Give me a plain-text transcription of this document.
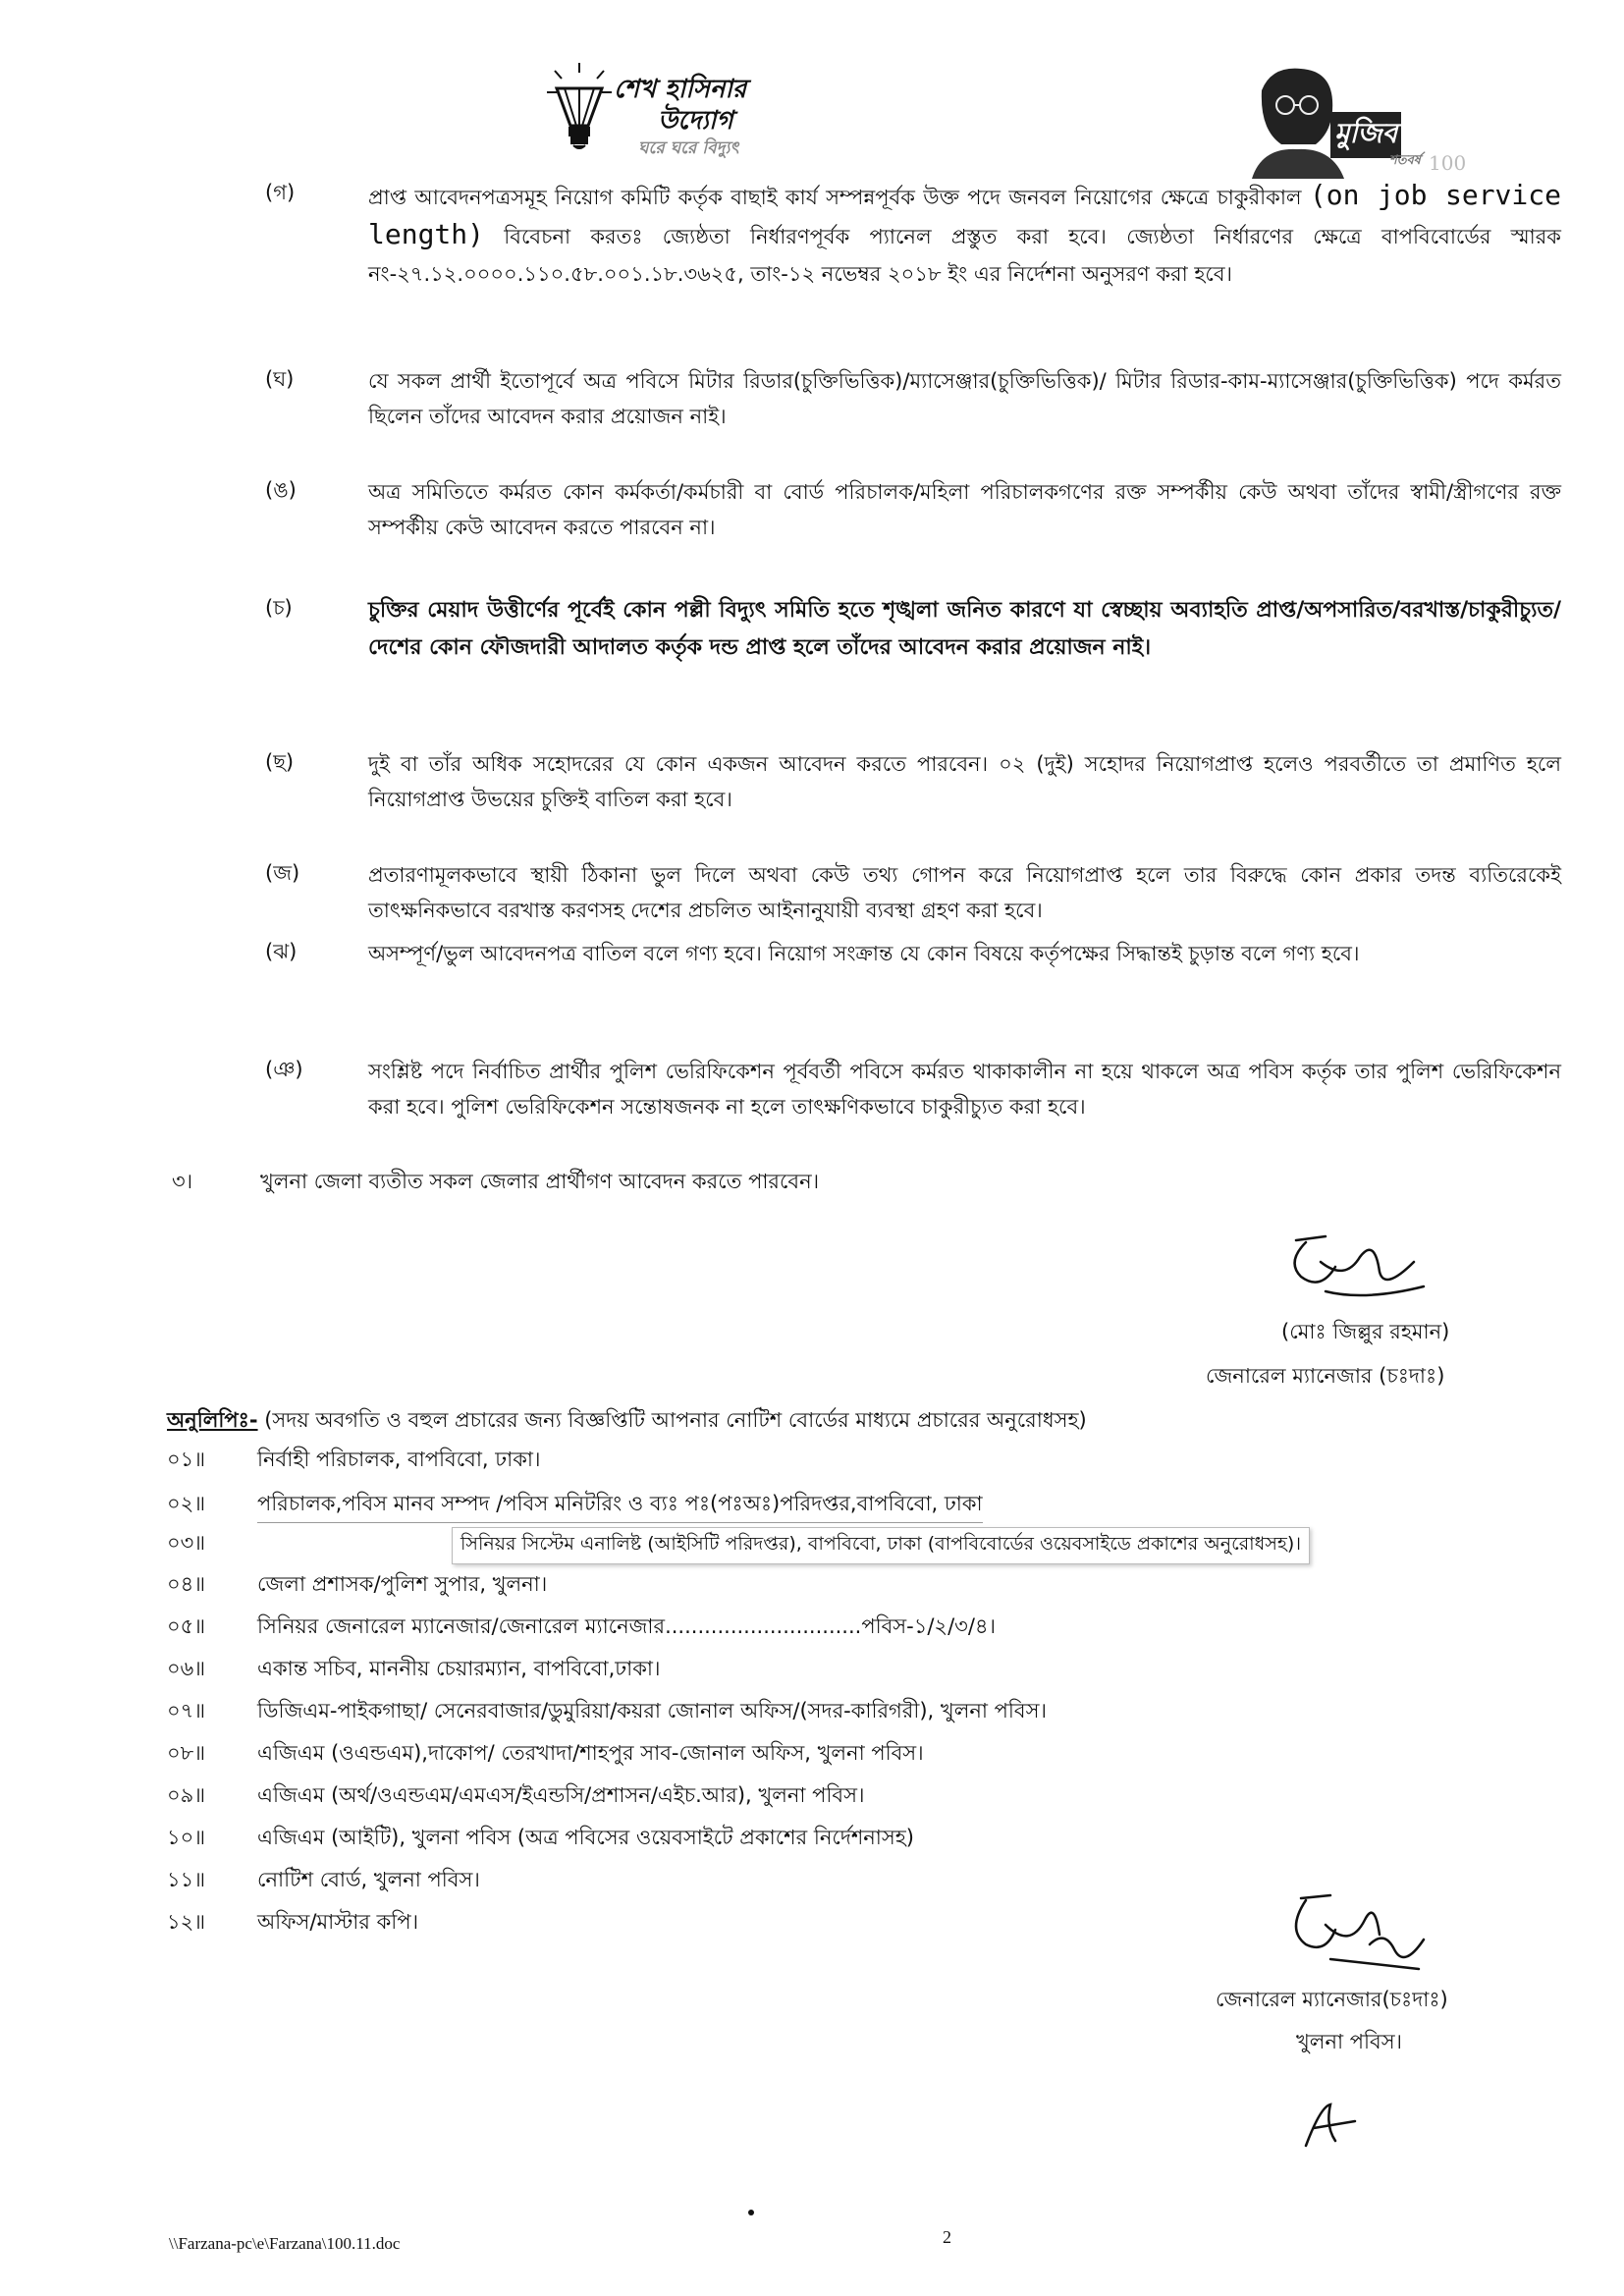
শেখ হাসিনার
উদ্যোগ
ঘরে ঘরে বিদ্যুৎ	মুজিব
শতবর্ষ 100
(গ)	প্রাপ্ত আবেদনপত্রসমূহ নিয়োগ কমিটি কর্তৃক বাছাই কার্য সম্পন্নপূর্বক উক্ত পদে জনবল নিয়োগের ক্ষেত্রে চাকুরীকাল (on job service length) বিবেচনা করতঃ জ্যেষ্ঠতা নির্ধারণপূর্বক প্যানেল প্রস্তুত করা হবে। জ্যেষ্ঠতা নির্ধারণের ক্ষেত্রে বাপবিবোর্ডের স্মারক নং-২৭.১২.০০০০.১১০.৫৮.০০১.১৮.৩৬২৫, তাং-১২ নভেম্বর ২০১৮ ইং এর নির্দেশনা অনুসরণ করা হবে।
(ঘ)	যে সকল প্রার্থী ইতোপূর্বে অত্র পবিসে মিটার রিডার(চুক্তিভিত্তিক)/ম্যাসেঞ্জার(চুক্তিভিত্তিক)/ মিটার রিডার-কাম-ম্যাসেঞ্জার(চুক্তিভিত্তিক) পদে কর্মরত ছিলেন তাঁদের আবেদন করার প্রয়োজন নাই।
(ঙ)	অত্র সমিতিতে কর্মরত কোন কর্মকর্তা/কর্মচারী বা বোর্ড পরিচালক/মহিলা পরিচালকগণের রক্ত সম্পর্কীয় কেউ অথবা তাঁদের স্বামী/স্ত্রীগণের রক্ত সম্পর্কীয় কেউ আবেদন করতে পারবেন না।
(চ)	চুক্তির মেয়াদ উত্তীর্ণের পূর্বেই কোন পল্লী বিদ্যুৎ সমিতি হতে শৃঙ্খলা জনিত কারণে যা স্বেচ্ছায় অব্যাহতি প্রাপ্ত/অপসারিত/বরখাস্ত/চাকুরীচ্যুত/দেশের কোন ফৌজদারী আদালত কর্তৃক দন্ড প্রাপ্ত হলে তাঁদের আবেদন করার প্রয়োজন নাই।
(ছ)	দুই বা তাঁর অধিক সহোদরের যে কোন একজন আবেদন করতে পারবেন। ০২ (দুই) সহোদর নিয়োগপ্রাপ্ত হলেও পরবর্তীতে তা প্রমাণিত হলে নিয়োগপ্রাপ্ত উভয়ের চুক্তিই বাতিল করা হবে।
(জ)	প্রতারণামূলকভাবে স্থায়ী ঠিকানা ভুল দিলে অথবা কেউ তথ্য গোপন করে নিয়োগপ্রাপ্ত হলে তার বিরুদ্ধে কোন প্রকার তদন্ত ব্যতিরেকেই তাৎক্ষনিকভাবে বরখাস্ত করণসহ দেশের প্রচলিত আইনানুযায়ী ব্যবস্থা গ্রহণ করা হবে।
(ঝ)	অসম্পূর্ণ/ভুল আবেদনপত্র বাতিল বলে গণ্য হবে। নিয়োগ সংক্রান্ত যে কোন বিষয়ে কর্তৃপক্ষের সিদ্ধান্তই চুড়ান্ত বলে গণ্য হবে।
(ঞ)	সংশ্লিষ্ট পদে নির্বাচিত প্রার্থীর পুলিশ ভেরিফিকেশন পূর্ববর্তী পবিসে কর্মরত থাকাকালীন না হয়ে থাকলে অত্র পবিস কর্তৃক তার পুলিশ ভেরিফিকেশন করা হবে। পুলিশ ভেরিফিকেশন সন্তোষজনক না হলে তাৎক্ষণিকভাবে চাকুরীচ্যুত করা হবে।
৩।	খুলনা জেলা ব্যতীত সকল জেলার প্রার্থীগণ আবেদন করতে পারবেন।
(মোঃ জিল্লুর রহমান)
জেনারেল ম্যানেজার (চঃদাঃ)
অনুলিপিঃ- (সদয় অবগতি ও বহুল প্রচারের জন্য বিজ্ঞপ্তিটি আপনার নোটিশ বোর্ডের মাধ্যমে প্রচারের অনুরোধসহ)
০১॥	নির্বাহী পরিচালক, বাপবিবো, ঢাকা।
০২॥	পরিচালক,পবিস মানব সম্পদ /পবিস মনিটরিং ও ব্যঃ পঃ(পঃঅঃ)পরিদপ্তর,বাপবিবো, ঢাকা
০৩॥	সিনিয়র সিস্টেম এনালিষ্ট (আইসিটি পরিদপ্তর), বাপবিবো, ঢাকা (বাপবিবোর্ডের ওয়েবসাইডে প্রকাশের অনুরোধসহ)।
০৪॥	জেলা প্রশাসক/পুলিশ সুপার, খুলনা।
০৫॥	সিনিয়র জেনারেল ম্যানেজার/জেনারেল ম্যানেজার..............................পবিস-১/২/৩/৪।
০৬॥	একান্ত সচিব, মাননীয় চেয়ারম্যান, বাপবিবো,ঢাকা।
০৭॥	ডিজিএম-পাইকগাছা/ সেনেরবাজার/ডুমুরিয়া/কয়রা জোনাল অফিস/(সদর-কারিগরী), খুলনা পবিস।
০৮॥	এজিএম (ওএন্ডএম),দাকোপ/ তেরখাদা/শাহপুর সাব-জোনাল অফিস, খুলনা পবিস।
০৯॥	এজিএম (অর্থ/ওএন্ডএম/এমএস/ইএন্ডসি/প্রশাসন/এইচ.আর), খুলনা পবিস।
১০॥	এজিএম (আইটি), খুলনা পবিস (অত্র পবিসের ওয়েবসাইটে প্রকাশের নির্দেশনাসহ)
১১॥	নোটিশ বোর্ড, খুলনা পবিস।
১২॥	অফিস/মাস্টার কপি।
জেনারেল ম্যানেজার(চঃদাঃ)
খুলনা পবিস।
\\Farzana-pc\e\Farzana\100.11.doc	2
